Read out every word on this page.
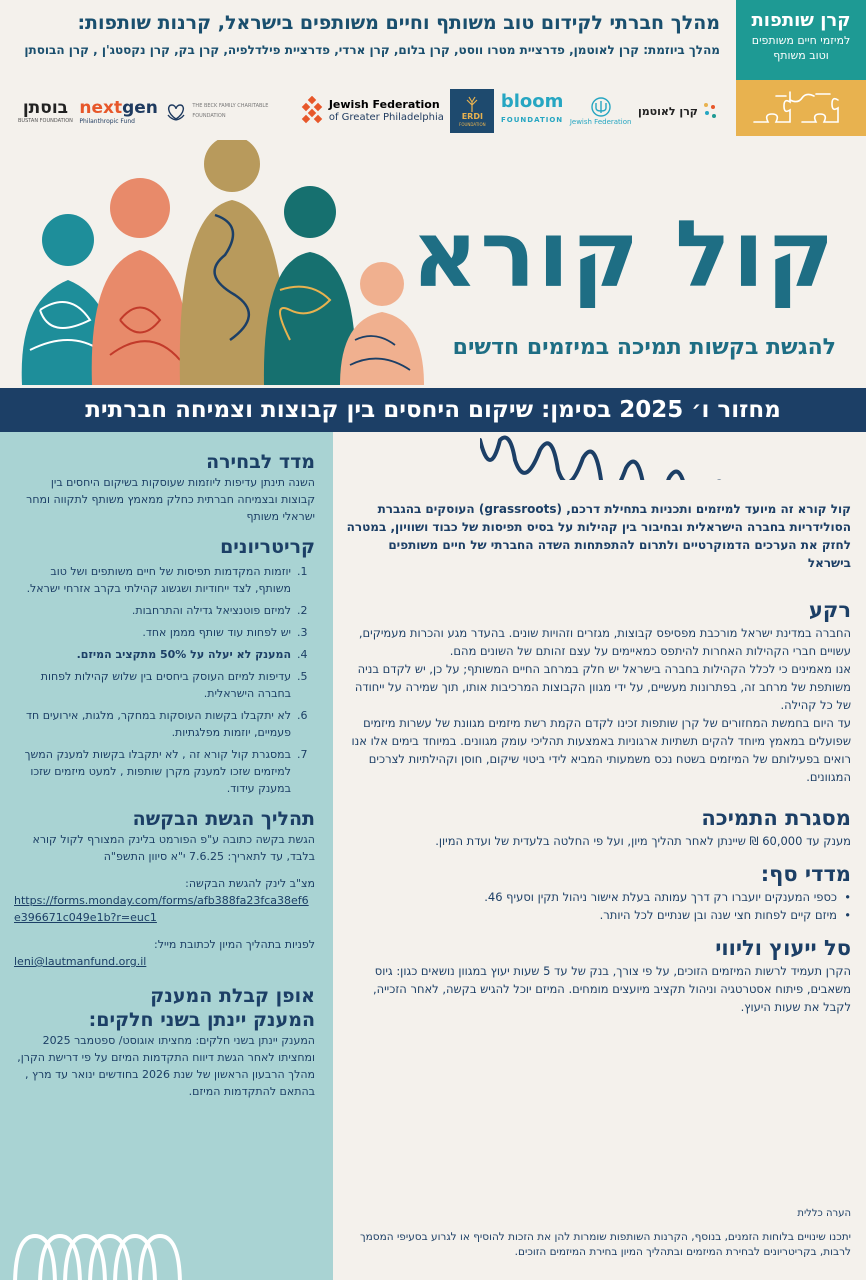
מהלך חברתי לקידום טוב משותף וחיים משותפים בישראל, קרנות שותפות:
מהלך ביוזמת: קרן לאוטמן, פדרציית מטרו ווסט, קרן בלום, קרן ארדי, פדרציית פילדלפיה, קרן בק, קרן נקסטג'ן , קרן הבוסתן
קרן שותפות
למיזמי חיים משותפים
וטוב משותף
בוסתן
BUSTAN FOUNDATION
nextgen
Philanthropic Fund
THE BECK FAMILY CHARITABLE FOUNDATION
Jewish Federation
of Greater Philadelphia	ERDI
FOUNDATION
bloom
FOUNDATION Jewish Federation
קרן לאוטמן
קול קורא
להגשת בקשות תמיכה במיזמים חדשים
מחזור ו׳ 2025 בסימן: שיקום היחסים בין קבוצות וצמיחה חברתית
מדד לבחירה

השנה תינתן עדיפות ליוזמות שעוסקות בשיקום היחסים בין קבוצות ובצמיחה חברתית כחלק ממאמץ משותף לתקווה ומחר ישראלי משותף

קריטריונים
1.
יוזמות המקדמות תפיסות של חיים משותפים ושל טוב משותף, לצד ייחודיות ושגשוג קהילתי בקרב אזרחי ישראל.
2.
למיזם פוטנציאל גדילה והתרחבות.
3.
יש לפחות עוד שותף מממן אחד.
4.
המענק לא יעלה על 50% מתקציב המיזם.
5.
עדיפות למיזם העוסק ביחסים בין שלוש קהילות לפחות בחברה הישראלית.
6.
לא יתקבלו בקשות העוסקות במחקר, מלגות, אירועים חד פעמיים, יוזמות מפלגתיות.
7.
במסגרת קול קורא זה , לא יתקבלו בקשות למענק המשך למיזמים שזכו למענק מקרן שותפות , למעט מיזמים שזכו במענק עידוד.
תהליך הגשת הבקשה

הגשת בקשה כתובה ע"פ הפורמט בלינק המצורף לקול קורא בלבד, עד לתאריך: 7.6.25 י"א סיוון התשפ"ה

מצ"ב לינק להגשת הבקשה:

https://forms.monday.com/forms/afb388fa23fca38ef6e396671c049e1b?r=euc1

לפניות בתהליך המיון לכתובת מייל:

leni@lautmanfund.org.il
אופן קבלת המענק
המענק יינתן בשני חלקים:

המענק יינתן בשני חלקים: מחציתו אוגוסט/ ספטמבר 2025 ומחציתו לאחר הגשת דיווח התקדמות המיזם על פי דרישת הקרן, מהלך הרבעון הראשון של שנת 2026 בחודשים ינואר עד מרץ , בהתאם להתקדמות המיזם.

קול קורא זה מיועד למיזמים ותכניות בתחילת דרכם, (grassroots) העוסקים בהגברת הסולידריות בחברה הישראלית ובחיבור בין קהילות על בסיס תפיסות של כבוד ושוויון, במטרה לחזק את הערכים הדמוקרטיים ולתרום להתפתחות השדה החברתי של חיים משותפים בישראל

רקע

החברה במדינת ישראל מורכבת מפסיפס קבוצות, מגזרים וזהויות שונים. בהעדר מגע והכרות מעמיקים, עשויים חברי הקהילות האחרות להיתפס כמאיימים על עצם זהותם של השונים מהם.

אנו מאמינים כי לכלל הקהילות בחברה בישראל יש חלק במרחב החיים המשותף; על כן, יש לקדם בניה משותפת של מרחב זה, בפתרונות מעשיים, על ידי מגוון הקבוצות המרכיבות אותו, תוך שמירה על ייחודה של כל קהילה.

עד היום בחמשת המחזורים של קרן שותפות זכינו לקדם הקמת רשת מיזמים מגוונת של עשרות מיזמים שפועלים במאמץ מיוחד להקים תשתיות ארגוניות באמצעות תהליכי עומק מגוונים. במיוחד בימים אלו אנו רואים בפעילותם של המיזמים בשטח נכס משמעותי המביא לידי ביטוי שיקום, חוסן וקהילתיות לצרכים המגוונים.

מסגרת התמיכה

מענק עד 60,000 ₪ שיינתן לאחר תהליך מיון, ועל פי החלטה בלעדית של ועדת המיון.

מדדי סף:
• כספי המענקים יועברו רק דרך עמותה בעלת אישור ניהול תקין וסעיף 46.
• מיזם קיים לפחות חצי שנה ובן שנתיים לכל היותר.
סל ייעוץ וליווי

הקרן תעמיד לרשות המיזמים הזוכים, על פי צורך, בנק של עד 5 שעות יעוץ במגוון נושאים כגון: גיוס משאבים, פיתוח אסטרטגיה וניהול תקציב מיועצים מומחים. המיזם יוכל להגיש בקשה, לאחר הזכייה, לקבל את שעות היעוץ.

הערה כללית

יתכנו שינויים בלוחות הזמנים, בנוסף, הקרנות השותפות שומרות להן את הזכות להוסיף או לגרוע בסעיפי המסמך לרבות, בקריטריונים לבחירת המיזמים ובתהליך המיון בחירת המיזמים הזוכים.
